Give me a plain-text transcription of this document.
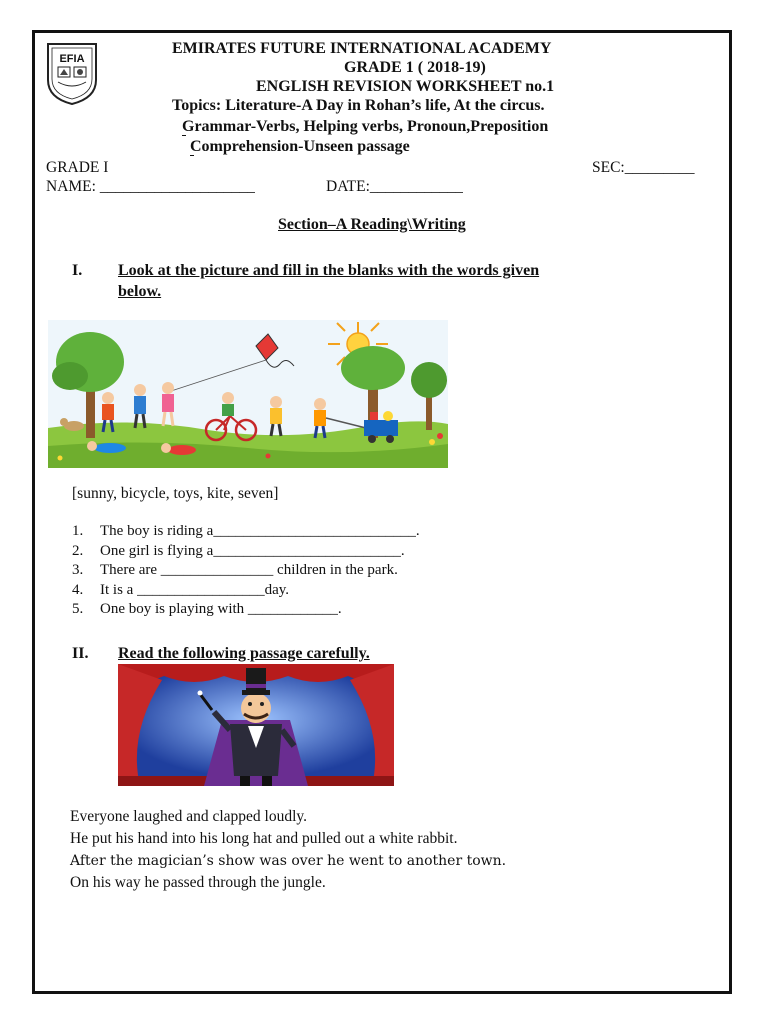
EFIA
EMIRATES FUTURE INTERNATIONAL ACADEMY
GRADE 1 ( 2018-19)
ENGLISH REVISION WORKSHEET no.1
Topics: Literature-A Day in Rohan’s life, At the circus.
Grammar-Verbs, Helping verbs, Pronoun,Preposition
Comprehension-Unseen passage
GRADE I	SEC:_________
NAME: ____________________	DATE:____________
Section–A Reading\Writing
I. Look at the picture and fill in the blanks with the words given
below.
[sunny, bicycle, toys, kite, seven]
1. The boy is riding a___________________________.
2. One girl is flying a_________________________.
3. There are _______________ children in the park.
4. It is a _________________day.
5. One boy is playing with ____________.
II. Read the following passage carefully.
Everyone laughed and clapped loudly.
He put his hand into his long hat and pulled out a white rabbit.
After the magician’s show was over he went to another town.
On his way he passed through the jungle.
